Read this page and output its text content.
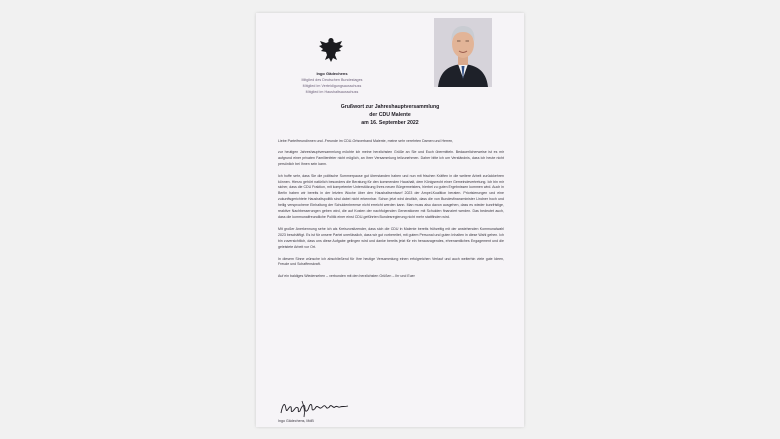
Ingo Gädechens
Mitglied des Deutschen Bundestages
Mitglied im Verteidigungsausschuss
Mitglied im Haushaltsausschuss
Grußwort zur Jahreshauptversammlung
der CDU Malente
am 16. September 2022

Liebe Parteifreundinnen und -Freunde im CDU-Ortsverband Malente, meine sehr verehrten Damen und Herren,

zur heutigen Jahreshauptversammlung möchte ich meine herzlichsten Grüße an Sie und Euch übermitteln. Bedauerlicherweise ist es mir aufgrund einer privaten Familienfeier nicht möglich, an Ihrer Versammlung teilzunehmen. Daher bitte ich um Verständnis, dass ich heute nicht persönlich bei Ihnen sein kann.

Ich hoffe sehr, dass Sie die politische Sommerpause gut überstanden haben und nun mit frischen Kräften in die weitere Arbeit zurückkehren können. Hierzu gehört natürlich besonders die Beratung für den kommenden Haushalt, dem Königsrecht einer Gemeindevertretung. Ich bin mir sicher, dass die CDU Fraktion, mit kompetenter Unterstützung Ihres neuen Bürgermeisters, hierbei zu guten Ergebnissen kommen wird. Auch in Berlin haben wir bereits in der letzten Woche über den Haushaltsentwurf 2023 der Ampel-Koalition beraten. Priorisierungen und eine zukunftsgerichtete Haushaltspolitik sind dabei nicht erkennbar. Schon jetzt wird deutlich, dass die von Bundesfinanzminister Lindner hoch und heilig versprochene Einhaltung der Schuldenbremse nicht erreicht werden kann. Man muss also davon ausgehen, dass es wieder kurzfristige, reaktive Nachbesserungen geben wird, die auf Kosten der nachfolgenden Generationen mit Schulden finanziert werden. Das bedeutet auch, dass die kommunalfreundliche Politik einer einst CDU-geführten Bundesregierung nicht mehr stattfinden wird.

Mit großer Anerkennung sehe ich als Kreisvorsitzender, dass sich die CDU in Malente bereits frühzeitig mit der anstehenden Kommunalwahl 2023 beschäftigt. Es ist für unsere Partei unerlässlich, dass wir gut vorbereitet, mit gutem Personal und guten Inhalten in diese Wahl gehen. Ich bin zuversichtlich, dass uns diese Aufgabe gelingen wird und danke bereits jetzt für ein herausragendes, ehrenamtliches Engagement und die geleistete Arbeit vor Ort.

In diesem Sinne wünsche ich abschließend für Ihre heutige Versammlung einen erfolgreichen Verlauf und auch weiterhin viele gute Ideen, Freude und Schaffenskraft.

Auf ein baldiges Wiedersehen – verbunden mit den herzlichsten Grüßen – Ihr und Euer

Ingo Gädechens, MdB
